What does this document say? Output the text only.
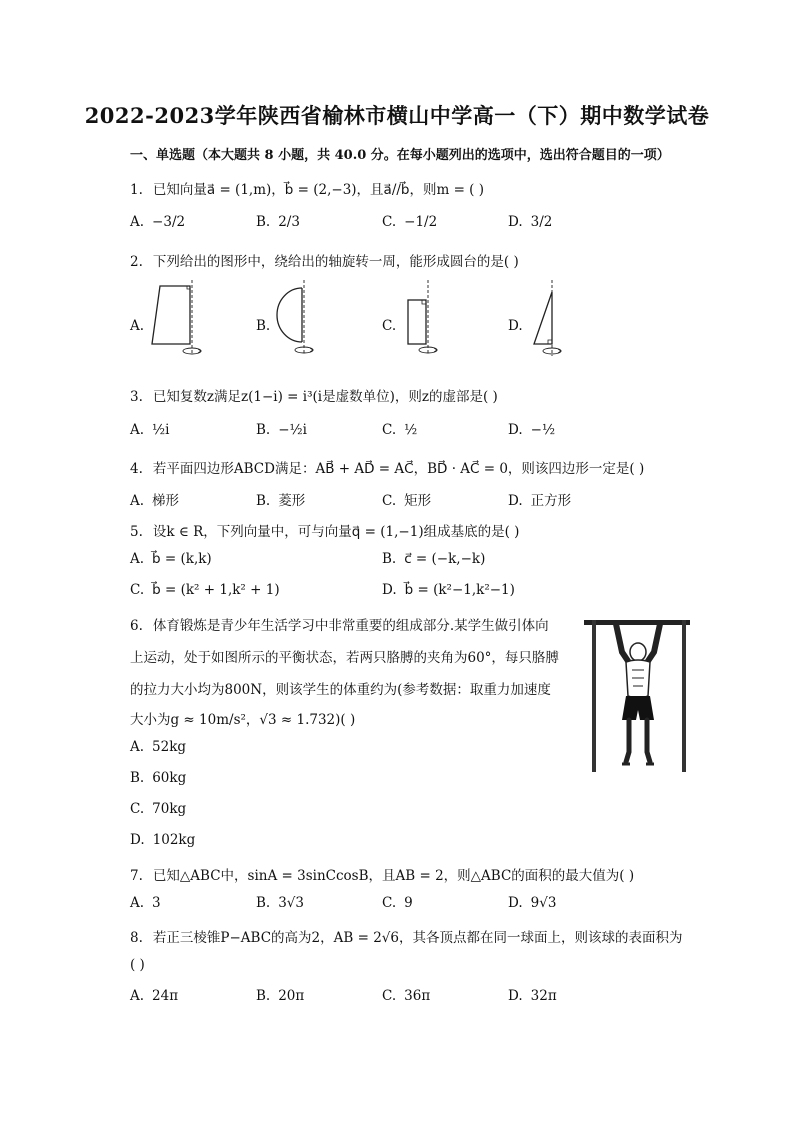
2022-2023学年陕西省榆林市横山中学高一（下）期中数学试卷
一、单选题（本大题共 8 小题，共 40.0 分。在每小题列出的选项中，选出符合题目的一项）
1. 已知向量a⃗ = (1,m)，b⃗ = (2,−3)，且a⃗//b⃗，则m = ( )
A. −3/2	B. 2/3	C. −1/2	D. 3/2
2. 下列给出的图形中，绕给出的轴旋转一周，能形成圆台的是( )
A.	B.	C.	D.
3. 已知复数z满足z(1−i) = i³(i是虚数单位)，则z的虚部是( )
A. ½i	B. −½i	C. ½	D. −½
4. 若平面四边形ABCD满足：AB⃗ + AD⃗ = AC⃗，BD⃗ · AC⃗ = 0，则该四边形一定是( )
A. 梯形	B. 菱形	C. 矩形	D. 正方形
5. 设k ∈ R，下列向量中，可与向量q⃗ = (1,−1)组成基底的是( )
A. b⃗ = (k,k)	B. c⃗ = (−k,−k)
C. b⃗ = (k² + 1,k² + 1)	D. b⃗ = (k²−1,k²−1)
6. 体育锻炼是青少年生活学习中非常重要的组成部分.某学生做引体向
上运动，处于如图所示的平衡状态，若两只胳膊的夹角为60°，每只胳膊
的拉力大小均为800N，则该学生的体重约为(参考数据：取重力加速度
大小为g ≈ 10m/s²，√3 ≈ 1.732)( )
A. 52kg
B. 60kg
C. 70kg
D. 102kg
7. 已知△ABC中，sinA = 3sinCcosB，且AB = 2，则△ABC的面积的最大值为( )
A. 3	B. 3√3	C. 9	D. 9√3
8. 若正三棱锥P−ABC的高为2，AB = 2√6，其各顶点都在同一球面上，则该球的表面积为
( )
A. 24π	B. 20π	C. 36π	D. 32π
